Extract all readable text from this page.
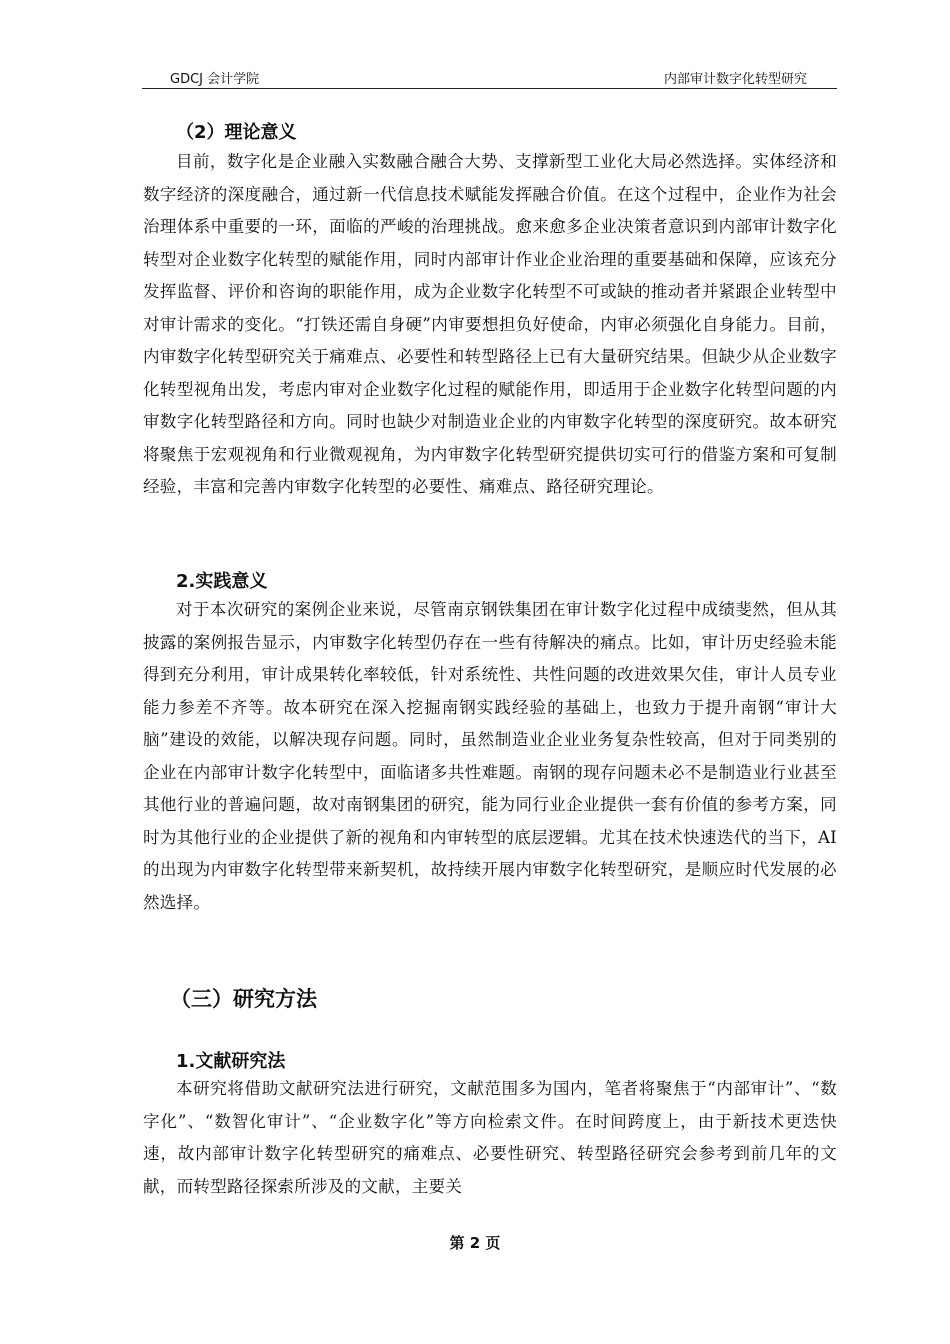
GDCJ 会计学院	内部审计数字化转型研究
（2）理论意义

目前，数字化是企业融入实数融合融合大势、支撑新型工业化大局必然选择。实体经济和数字经济的深度融合，通过新一代信息技术赋能发挥融合价值。在这个过程中，企业作为社会治理体系中重要的一环，面临的严峻的治理挑战。愈来愈多企业决策者意识到内部审计数字化转型对企业数字化转型的赋能作用，同时内部审计作业企业治理的重要基础和保障，应该充分发挥监督、评价和咨询的职能作用，成为企业数字化转型不可或缺的推动者并紧跟企业转型中对审计需求的变化。“打铁还需自身硬”内审要想担负好使命，内审必须强化自身能力。目前，内审数字化转型研究关于痛难点、必要性和转型路径上已有大量研究结果。但缺少从企业数字化转型视角出发，考虑内审对企业数字化过程的赋能作用，即适用于企业数字化转型问题的内审数字化转型路径和方向。同时也缺少对制造业企业的内审数字化转型的深度研究。故本研究将聚焦于宏观视角和行业微观视角，为内审数字化转型研究提供切实可行的借鉴方案和可复制经验，丰富和完善内审数字化转型的必要性、痛难点、路径研究理论。

2.实践意义

对于本次研究的案例企业来说，尽管南京钢铁集团在审计数字化过程中成绩斐然，但从其披露的案例报告显示，内审数字化转型仍存在一些有待解决的痛点。比如，审计历史经验未能得到充分利用，审计成果转化率较低，针对系统性、共性问题的改进效果欠佳，审计人员专业能力参差不齐等。故本研究在深入挖掘南钢实践经验的基础上，也致力于提升南钢“审计大脑”建设的效能，以解决现存问题。同时，虽然制造业企业业务复杂性较高，但对于同类别的企业在内部审计数字化转型中，面临诸多共性难题。南钢的现存问题未必不是制造业行业甚至其他行业的普遍问题，故对南钢集团的研究，能为同行业企业提供一套有价值的参考方案，同时为其他行业的企业提供了新的视角和内审转型的底层逻辑。尤其在技术快速迭代的当下，AI的出现为内审数字化转型带来新契机，故持续开展内审数字化转型研究，是顺应时代发展的必然选择。

（三）研究方法
1.文献研究法

本研究将借助文献研究法进行研究，文献范围多为国内，笔者将聚焦于“内部审计”、“数字化”、“数智化审计”、“企业数字化”等方向检索文件。在时间跨度上，由于新技术更迭快速，故内部审计数字化转型研究的痛难点、必要性研究、转型路径研究会参考到前几年的文献，而转型路径探索所涉及的文献，主要关

第 2 页
